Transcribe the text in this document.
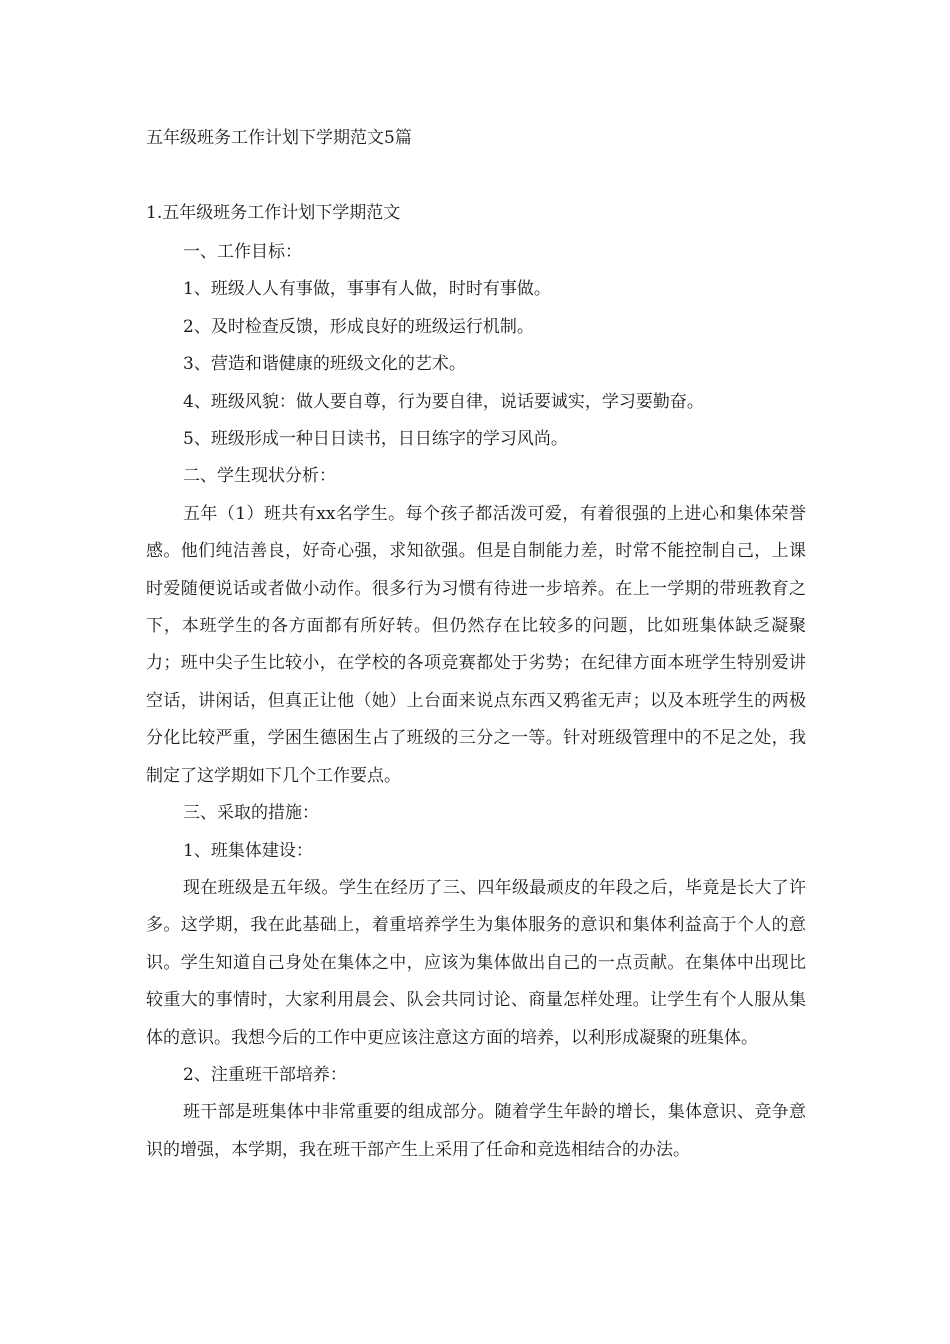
五年级班务工作计划下学期范文5篇
1.五年级班务工作计划下学期范文

一、工作目标：

1、班级人人有事做，事事有人做，时时有事做。

2、及时检查反馈，形成良好的班级运行机制。

3、营造和谐健康的班级文化的艺术。

4、班级风貌：做人要自尊，行为要自律，说话要诚实，学习要勤奋。

5、班级形成一种日日读书，日日练字的学习风尚。

二、学生现状分析：

五年（1）班共有xx名学生。每个孩子都活泼可爱，有着很强的上进心和集体荣誉感。他们纯洁善良，好奇心强，求知欲强。但是自制能力差，时常不能控制自己，上课时爱随便说话或者做小动作。很多行为习惯有待进一步培养。在上一学期的带班教育之下，本班学生的各方面都有所好转。但仍然存在比较多的问题，比如班集体缺乏凝聚力；班中尖子生比较小，在学校的各项竞赛都处于劣势；在纪律方面本班学生特别爱讲空话，讲闲话，但真正让他（她）上台面来说点东西又鸦雀无声；以及本班学生的两极分化比较严重，学困生德困生占了班级的三分之一等。针对班级管理中的不足之处，我制定了这学期如下几个工作要点。

三、采取的措施：

1、班集体建设：

现在班级是五年级。学生在经历了三、四年级最顽皮的年段之后，毕竟是长大了许多。这学期，我在此基础上，着重培养学生为集体服务的意识和集体利益高于个人的意识。学生知道自己身处在集体之中，应该为集体做出自己的一点贡献。在集体中出现比较重大的事情时，大家利用晨会、队会共同讨论、商量怎样处理。让学生有个人服从集体的意识。我想今后的工作中更应该注意这方面的培养，以利形成凝聚的班集体。

2、注重班干部培养：

班干部是班集体中非常重要的组成部分。随着学生年龄的增长，集体意识、竞争意识的增强，本学期，我在班干部产生上采用了任命和竞选相结合的办法。
